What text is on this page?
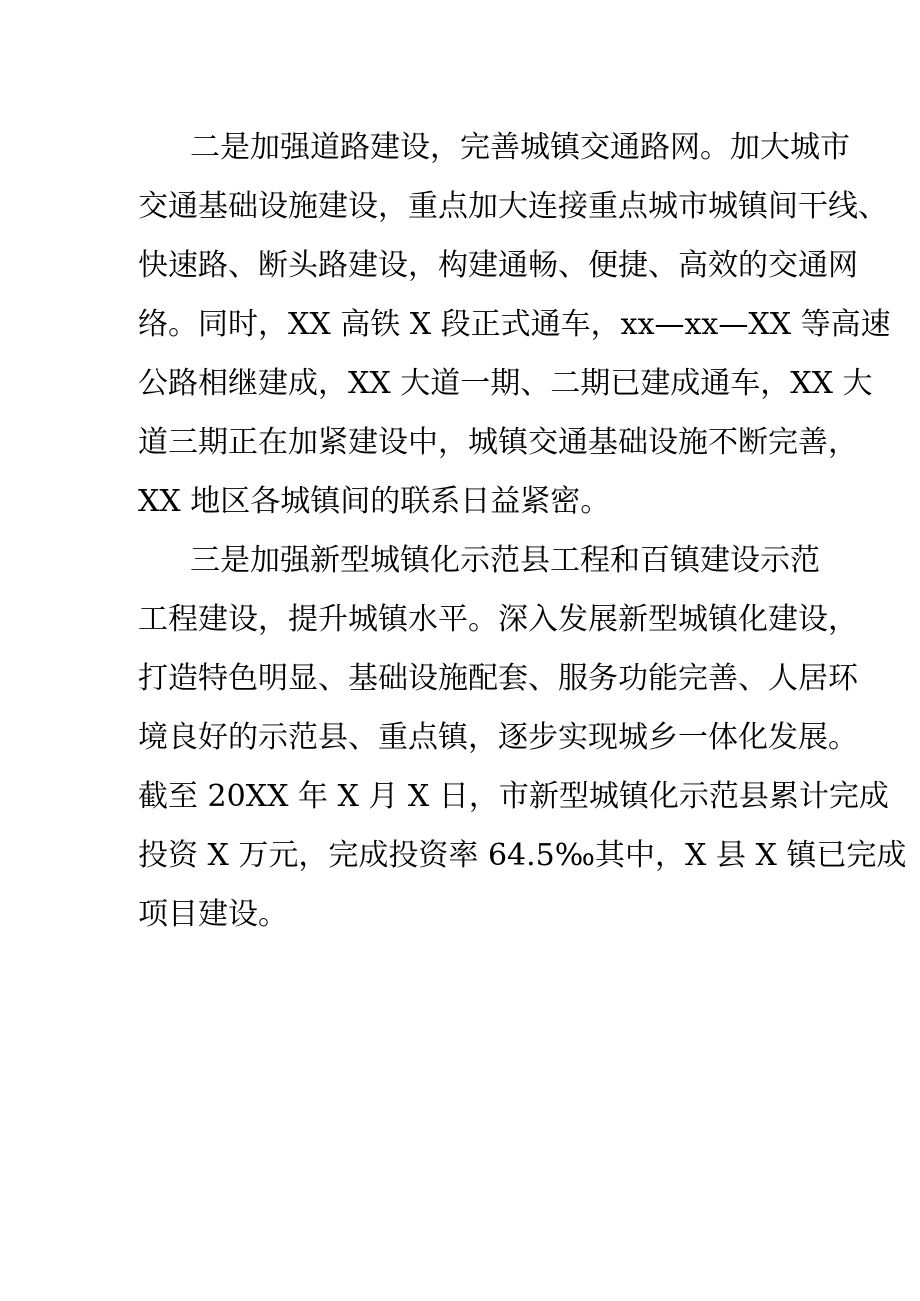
二是加强道路建设，完善城镇交通路网。加大城市
交通基础设施建设，重点加大连接重点城市城镇间干线、
快速路、断头路建设，构建通畅、便捷、高效的交通网
络。同时，XX 高铁 X 段正式通车，xx—xx—XX 等高速
公路相继建成，XX 大道一期、二期已建成通车，XX 大
道三期正在加紧建设中，城镇交通基础设施不断完善，
XX 地区各城镇间的联系日益紧密。
三是加强新型城镇化示范县工程和百镇建设示范
工程建设，提升城镇水平。深入发展新型城镇化建设，
打造特色明显、基础设施配套、服务功能完善、人居环
境良好的示范县、重点镇，逐步实现城乡一体化发展。
截至 20XX 年 X 月 X 日，市新型城镇化示范县累计完成
投资 X 万元，完成投资率 64.5‰其中，X 县 X 镇已完成
项目建设。
